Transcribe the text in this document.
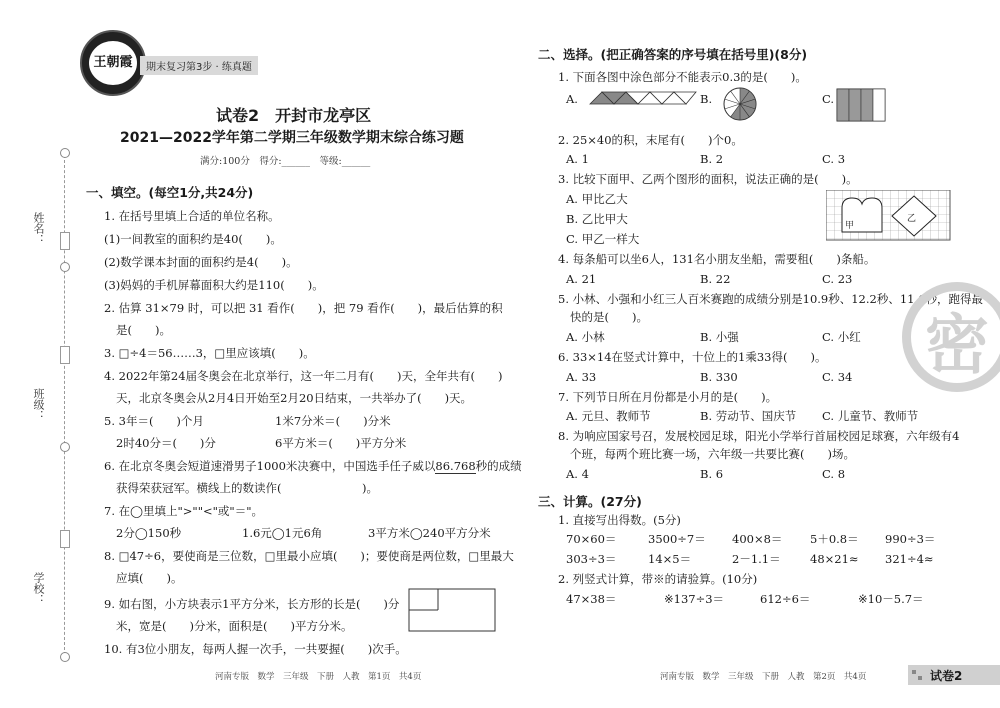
姓名：
班级：
学校：
王朝霞	期末复习第3步 · 练真题
试卷2　开封市龙亭区
2021—2022学年第二学期三年级数学期末综合练习题
满分:100分　得分:______　等级:______
一、填空。(每空1分,共24分)
1. 在括号里填上合适的单位名称。
(1)一间教室的面积约是40(　　)。
(2)数学课本封面的面积约是4(　　)。
(3)妈妈的手机屏幕面积大约是110(　　)。
2. 估算 31×79 时，可以把 31 看作(　　)，把 79 看作(　　)，最后估算的积
是(　　)。
3. □÷4＝56……3，□里应该填(　　)。
4. 2022年第24届冬奥会在北京举行，这一年二月有(　　)天，全年共有(　　)
天，北京冬奥会从2月4日开始至2月20日结束，一共举办了(　　)天。
5. 3年＝(　　)个月	1米7分米＝(　　)分米
2时40分＝(　　)分	6平方米＝(　　)平方分米
6. 在北京冬奥会短道速滑男子1000米决赛中，中国选手任子威以86.768秒的成绩
获得荣获冠军。横线上的数读作(　　　　　　　)。
7. 在◯里填上">""<"或"＝"。
2分◯150秒	1.6元◯1元6角	3平方米◯240平方分米
8. □47÷6，要使商是三位数，□里最小应填(　　)；要使商是两位数，□里最大
应填(　　)。
9. 如右图，小方块表示1平方分米，长方形的长是(　　)分
米，宽是(　　)分米，面积是(　　)平方分米。
10. 有3位小朋友，每两人握一次手，一共要握(　　)次手。
河南专版　数学　三年级　下册　人教　第1页　共4页
二、选择。(把正确答案的序号填在括号里)(8分)
1. 下面各图中涂色部分不能表示0.3的是(　　)。
A.	B.	C.
2. 25×40的积，末尾有(　　)个0。
A. 1	B. 2	C. 3
3. 比较下面甲、乙两个图形的面积，说法正确的是(　　)。
A. 甲比乙大
B. 乙比甲大
C. 甲乙一样大
甲
乙
4. 每条船可以坐6人，131名小朋友坐船，需要租(　　)条船。
A. 21	B. 22	C. 23
5. 小林、小强和小红三人百米赛跑的成绩分别是10.9秒、12.2秒、11.6秒，跑得最
快的是(　　)。
A. 小林	B. 小强	C. 小红
6. 33×14在竖式计算中，十位上的1乘33得(　　)。
A. 33	B. 330	C. 34
7. 下列节日所在月份都是小月的是(　　)。
A. 元旦、教师节	B. 劳动节、国庆节 C. 儿童节、教师节
8. 为响应国家号召，发展校园足球，阳光小学举行首届校园足球赛，六年级有4
个班，每两个班比赛一场，六年级一共要比赛(　　)场。
A. 4	B. 6	C. 8
三、计算。(27分)
1. 直接写出得数。(5分)
70×60＝	3500÷7＝ 400×8＝ 5＋0.8＝ 990÷3＝
303÷3＝	14×5＝	2－1.1＝	48×21≈ 321÷4≈
2. 列竖式计算，带※的请验算。(10分)
47×38＝	※137÷3＝	612÷6＝	※10－5.7＝
密
河南专版　数学　三年级　下册　人教　第2页　共4页	试卷2
